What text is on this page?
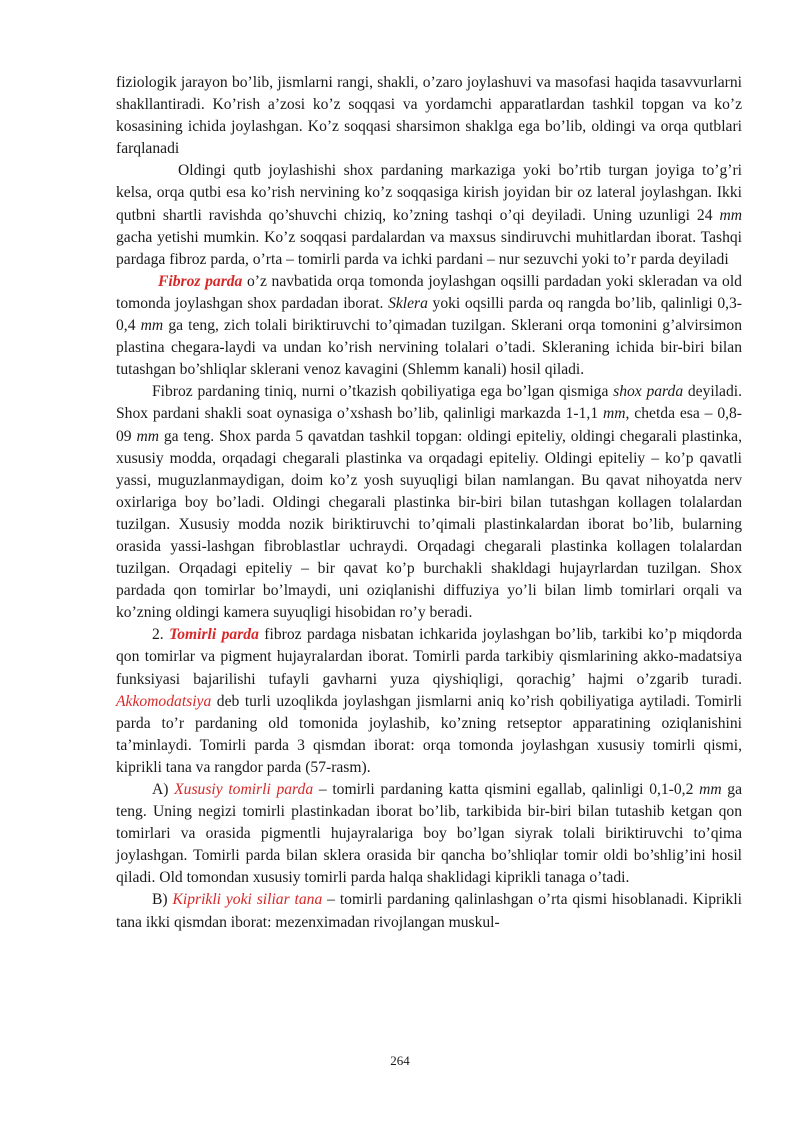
fiziologik jarayon bo’lib, jismlarni rangi, shakli, o’zaro joylashuvi va masofasi haqida tasavvurlarni shakllantiradi. Ko’rish a’zosi ko’z soqqasi va yordamchi apparatlardan tashkil topgan va ko’z kosasining ichida joylashgan. Ko’z soqqasi sharsimon shaklga ega bo’lib, oldingi va orqa qutblari farqlanadi

Oldingi qutb joylashishi shox pardaning markaziga yoki bo’rtib turgan joyiga to’g’ri kelsa, orqa qutbi esa ko’rish nervining ko’z soqqasiga kirish joyidan bir oz lateral joylashgan. Ikki qutbni shartli ravishda qo’shuvchi chiziq, ko’zning tashqi o’qi deyiladi. Uning uzunligi 24 mm gacha yetishi mumkin. Ko’z soqqasi pardalardan va maxsus sindiruvchi muhitlardan iborat. Tashqi pardaga fibroz parda, o’rta – tomirli parda va ichki pardani – nur sezuvchi yoki to’r parda deyiladi

Fibroz parda o’z navbatida orqa tomonda joylashgan oqsilli pardadan yoki skleradan va old tomonda joylashgan shox pardadan iborat. Sklera yoki oqsilli parda oq rangda bo’lib, qalinligi 0,3-0,4 mm ga teng, zich tolali biriktiruvchi to’qimadan tuzilgan. Sklerani orqa tomonini g’alvirsimon plastina chegara-laydi va undan ko’rish nervining tolalari o’tadi. Skleraning ichida bir-biri bilan tutashgan bo’shliqlar sklerani venoz kavagini (Shlemm kanali) hosil qiladi.

Fibroz pardaning tiniq, nurni o’tkazish qobiliyatiga ega bo’lgan qismiga shox parda deyiladi. Shox pardani shakli soat oynasiga o’xshash bo’lib, qalinligi markazda 1-1,1 mm, chetda esa – 0,8-09 mm ga teng. Shox parda 5 qavatdan tashkil topgan: oldingi epiteliy, oldingi chegarali plastinka, xususiy modda, orqadagi chegarali plastinka va orqadagi epiteliy. Oldingi epiteliy – ko’p qavatli yassi, muguzlanmaydigan, doim ko’z yosh suyuqligi bilan namlangan. Bu qavat nihoyatda nerv oxirlariga boy bo’ladi. Oldingi chegarali plastinka bir-biri bilan tutashgan kollagen tolalardan tuzilgan. Xususiy modda nozik biriktiruvchi to’qimali plastinkalardan iborat bo’lib, bularning orasida yassi-lashgan fibroblastlar uchraydi. Orqadagi chegarali plastinka kollagen tolalardan tuzilgan. Orqadagi epiteliy – bir qavat ko’p burchakli shakldagi hujayrlardan tuzilgan. Shox pardada qon tomirlar bo’lmaydi, uni oziqlanishi diffuziya yo’li bilan limb tomirlari orqali va ko’zning oldingi kamera suyuqligi hisobidan ro’y beradi.

2. Tomirli parda fibroz pardaga nisbatan ichkarida joylashgan bo’lib, tarkibi ko’p miqdorda qon tomirlar va pigment hujayralardan iborat. Tomirli parda tarkibiy qismlarining akko-madatsiya funksiyasi bajarilishi tufayli gavharni yuza qiyshiqligi, qorachig’ hajmi o’zgarib turadi. Akkomodatsiya deb turli uzoqlikda joylashgan jismlarni aniq ko’rish qobiliyatiga aytiladi. Tomirli parda to’r pardaning old tomonida joylashib, ko’zning retseptor apparatining oziqlanishini ta’minlaydi. Tomirli parda 3 qismdan iborat: orqa tomonda joylashgan xususiy tomirli qismi, kiprikli tana va rangdor parda (57-rasm).

A) Xususiy tomirli parda – tomirli pardaning katta qismini egallab, qalinligi 0,1-0,2 mm ga teng. Uning negizi tomirli plastinkadan iborat bo’lib, tarkibida bir-biri bilan tutashib ketgan qon tomirlari va orasida pigmentli hujayralariga boy bo’lgan siyrak tolali biriktiruvchi to’qima joylashgan. Tomirli parda bilan sklera orasida bir qancha bo’shliqlar tomir oldi bo’shlig’ini hosil qiladi. Old tomondan xususiy tomirli parda halqa shaklidagi kiprikli tanaga o’tadi.

B) Kiprikli yoki siliar tana – tomirli pardaning qalinlashgan o’rta qismi hisoblanadi. Kiprikli tana ikki qismdan iborat: mezenximadan rivojlangan muskul-

264
